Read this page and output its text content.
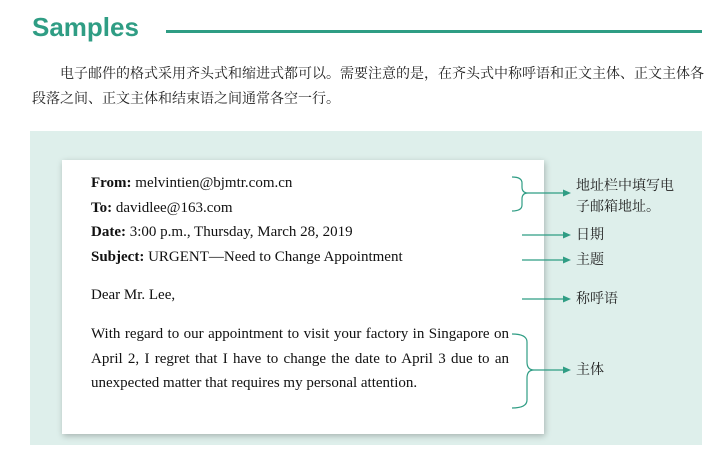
Samples
电子邮件的格式采用齐头式和缩进式都可以。需要注意的是，在齐头式中称呼语和正文主体、正文主体各段落之间、正文主体和结束语之间通常各空一行。
From: melvintien@bjmtr.com.cn
To: davidlee@163.com
Date: 3:00 p.m., Thursday, March 28, 2019
Subject: URGENT—Need to Change Appointment
Dear Mr. Lee,
With regard to our appointment to visit your factory in Singapore on April 2, I regret that I have to change the date to April 3 due to an unexpected matter that requires my personal attention.
地址栏中填写电
子邮箱地址。
日期
主题
称呼语
主体
